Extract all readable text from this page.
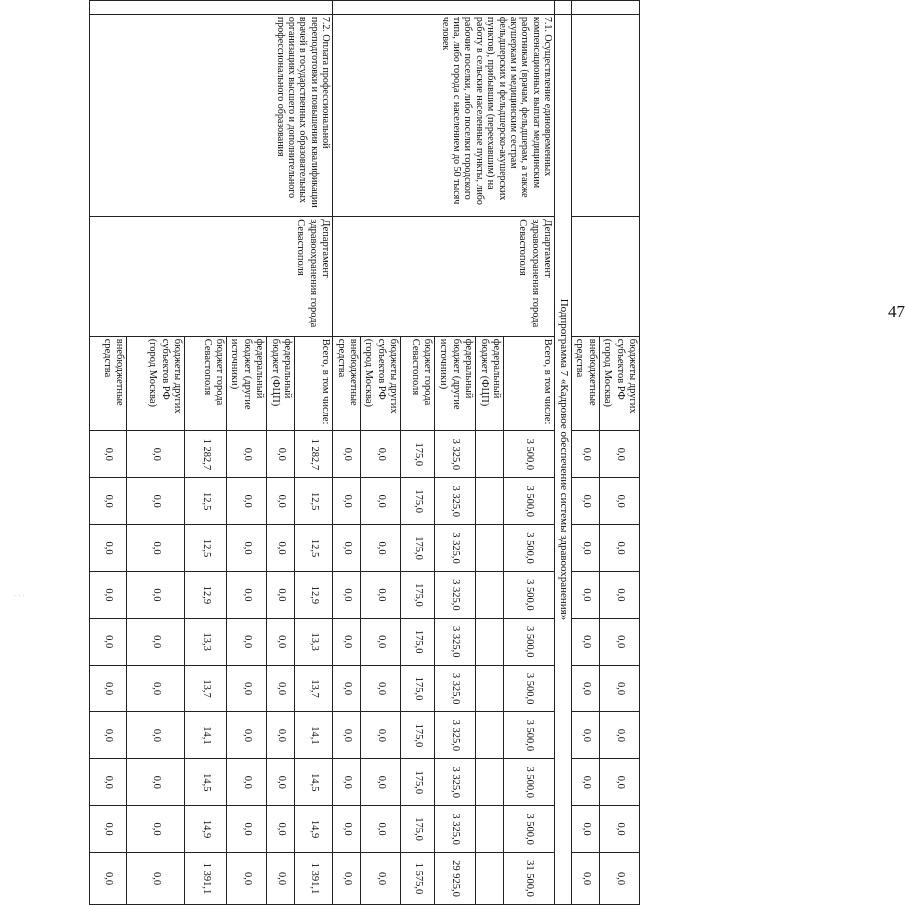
			бюджеты других субъектов РФ (город Москва)	0,0	0,0	0,0	0,0	0,0	0,0	0,0	0,0	0,0	0,0
			внебюджетные средства	0,0	0,0	0,0	0,0	0,0	0,0	0,0	0,0	0,0	0,0
	Подпрограмма 7 «Кадровое обеспечение системы здравоохранения»												
	7.1. Осуществление единовременных компенсационных выплат медицинским работникам (врачам, фельдшерам, а также акушеркам и медицинским сестрам фельдшерских и фельдшерско-акушерских пунктов), прибывшим (переехавшим) на работу в сельские населенные пункты, либо рабочие поселки, либо поселки городского типа, либо города с населением до 50 тысяч человек	Департамент здравоохранения города Севастополя	Всего, в том числе:	3 500,0	3 500,0	3 500,0	3 500,0	3 500,0	3 500,0	3 500,0	3 500,0	3 500,0	31 500,0
			федеральный бюджет (ФЦП)										
			федеральный бюджет (другие источники)	3 325,0	3 325,0	3 325,0	3 325,0	3 325,0	3 325,0	3 325,0	3 325,0	3 325,0	29 925,0
			бюджет города Севастополя	175,0	175,0	175,0	175,0	175,0	175,0	175,0	175,0	175,0	1 575,0
			бюджеты других субъектов РФ (город Москва)	0,0	0,0	0,0	0,0	0,0	0,0	0,0	0,0	0,0	0,0
			внебюджетные средства	0,0	0,0	0,0	0,0	0,0	0,0	0,0	0,0	0,0	0,0
	7.2. Оплата профессиональной переподготовки и повышения квалификации врачей в государственных образовательных организациях высшего и дополнительного профессионального образования	Департамент здравоохранения города Севастополя	Всего, в том числе:	1 282,7	12,5	12,5	12,9	13,3	13,7	14,1	14,5	14,9	1 391,1
			федеральный бюджет (ФЦП)	0,0	0,0	0,0	0,0	0,0	0,0	0,0	0,0	0,0	0,0
			федеральный бюджет (другие источники)	0,0	0,0	0,0	0,0	0,0	0,0	0,0	0,0	0,0	0,0
			бюджет города Севастополя	1 282,7	12,5	12,5	12,9	13,3	13,7	14,1	14,5	14,9	1 391,1
			бюджеты других субъектов РФ (город Москва)	0,0	0,0	0,0	0,0	0,0	0,0	0,0	0,0	0,0	0,0
			внебюджетные средства	0,0	0,0	0,0	0,0	0,0	0,0	0,0	0,0	0,0	0,0
47
· · ·
